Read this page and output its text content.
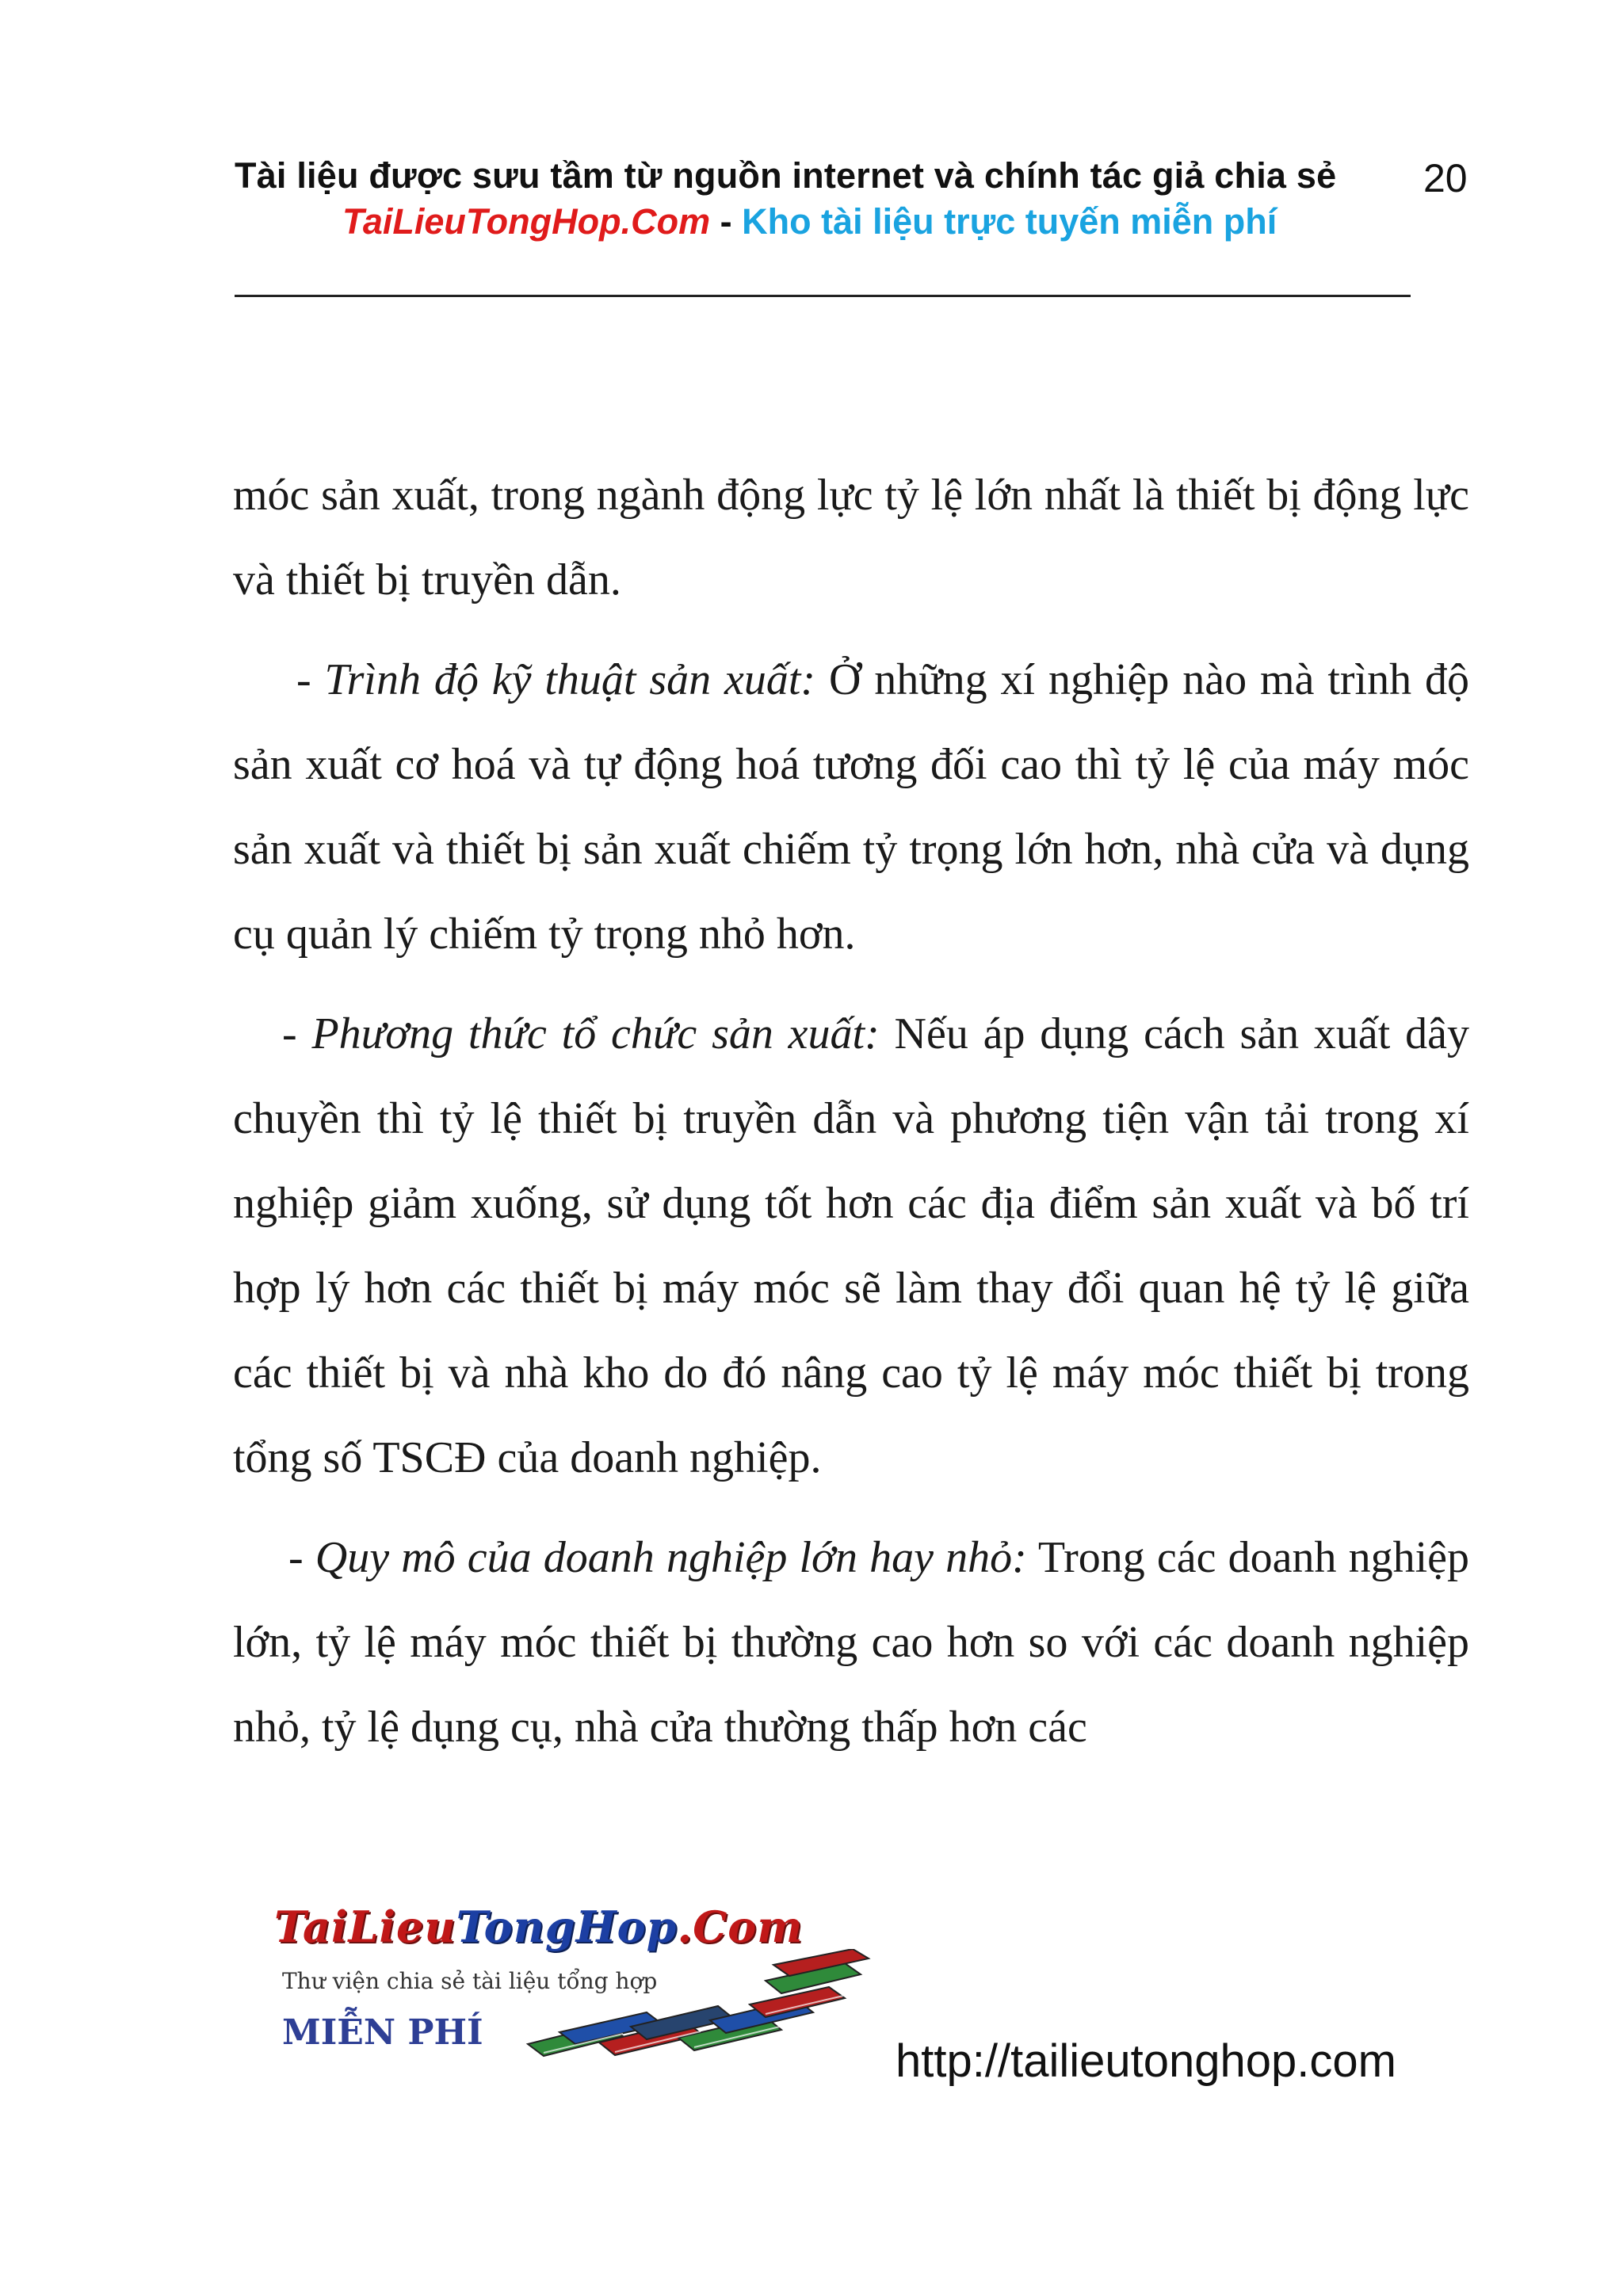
Tài liệu được sưu tầm từ nguồn internet và chính tác giả chia sẻ	20
TaiLieuTongHop.Com - Kho tài liệu trực tuyến miễn phí

móc sản xuất, trong ngành động lực tỷ lệ lớn nhất là thiết bị động lực và thiết bị truyền dẫn.

- Trình độ kỹ thuật sản xuất: Ở những xí nghiệp nào mà trình độ sản xuất cơ hoá và tự động hoá tương đối cao thì tỷ lệ của máy móc sản xuất và thiết bị sản xuất chiếm tỷ trọng lớn hơn, nhà cửa và dụng cụ quản lý chiếm tỷ trọng nhỏ hơn.

- Phương thức tổ chức sản xuất: Nếu áp dụng cách sản xuất dây chuyền thì tỷ lệ thiết bị truyền dẫn và phương tiện vận tải trong xí nghiệp giảm xuống, sử dụng tốt hơn các địa điểm sản xuất và bố trí hợp lý hơn các thiết bị máy móc sẽ làm thay đổi quan hệ tỷ lệ giữa các thiết bị và nhà kho do đó nâng cao tỷ lệ máy móc thiết bị trong tổng số TSCĐ của doanh nghiệp.

- Quy mô của doanh nghiệp lớn hay nhỏ: Trong các doanh nghiệp lớn, tỷ lệ máy móc thiết bị thường cao hơn so với các doanh nghiệp nhỏ, tỷ lệ dụng cụ, nhà cửa thường thấp hơn các

TaiLieuTongHop.Com
Thư viện chia sẻ tài liệu tổng hợp
MIỄN PHÍ
http://tailieutonghop.com
